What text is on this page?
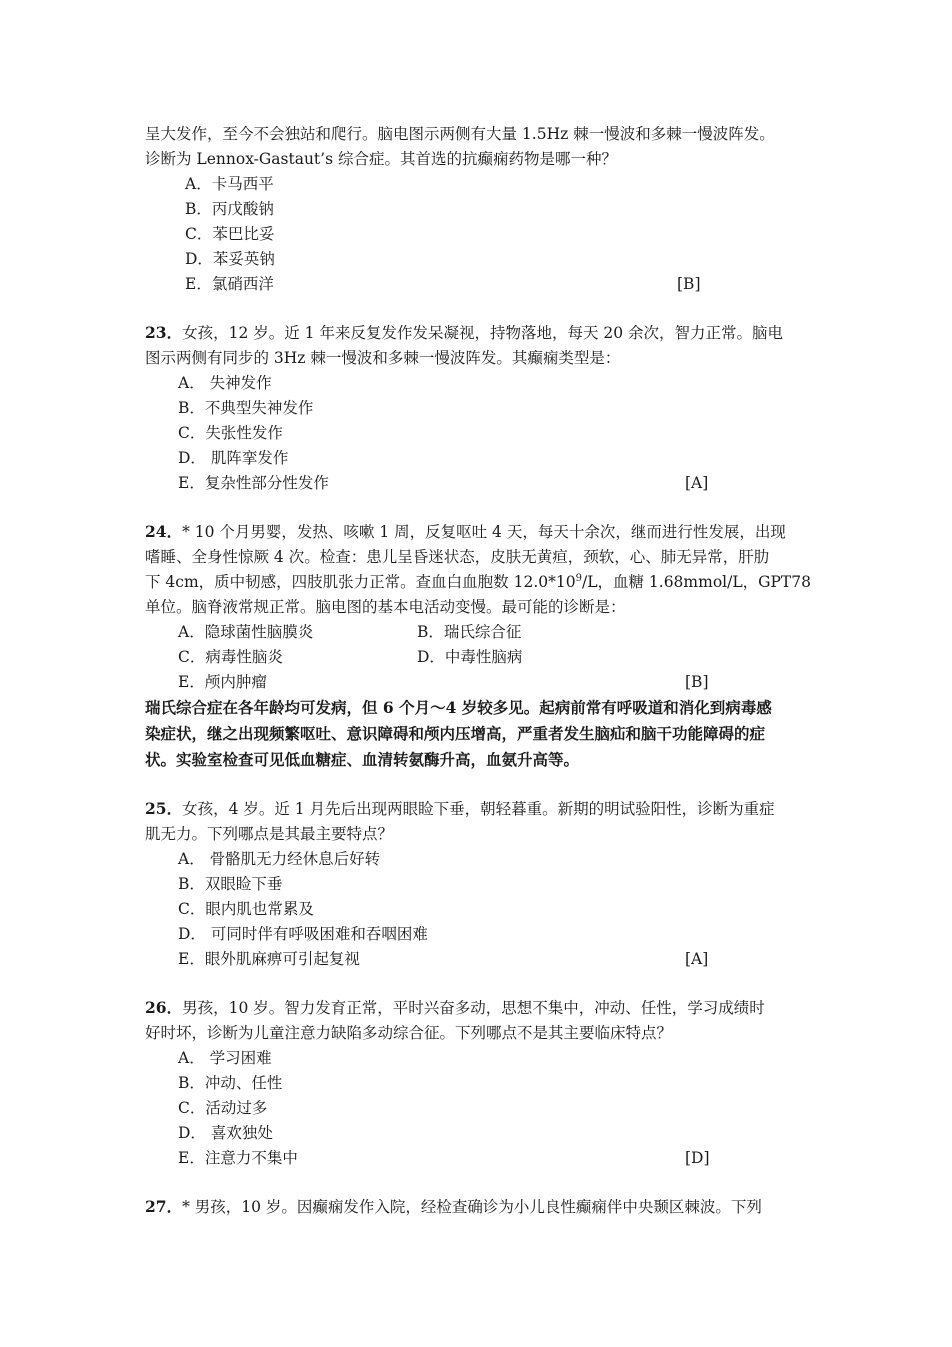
呈大发作，至今不会独站和爬行。脑电图示两侧有大量 1.5Hz 棘一慢波和多棘一慢波阵发。

诊断为 Lennox-Gastaut’s 综合症。其首选的抗癫痫药物是哪一种？

A．卡马西平
B．丙戊酸钠
C．苯巴比妥
D．苯妥英钠
E．氯硝西洋	[B]

23．女孩，12 岁。近 1 年来反复发作发呆凝视，持物落地，每天 20 余次，智力正常。脑电

图示两侧有同步的 3Hz 棘一慢波和多棘一慢波阵发。其癫痫类型是：

A． 失神发作
B．不典型失神发作
C．失张性发作
D． 肌阵挛发作
E．复杂性部分性发作	[A]

24．* 10 个月男婴，发热、咳嗽 1 周，反复呕吐 4 天，每天十余次，继而进行性发展，出现

嗜睡、全身性惊厥 4 次。检查：患儿呈昏迷状态，皮肤无黄疸，颈软，心、肺无异常，肝肋

下 4cm，质中韧感，四肢肌张力正常。查血白血胞数 $12.0*10^9/L$，血糖 1.68mmol/L，GPT78

单位。脑脊液常规正常。脑电图的基本电活动变慢。最可能的诊断是：

A．隐球菌性脑膜炎	B．瑞氏综合征
C．病毒性脑炎	D．中毒性脑病
E．颅内肿瘤	[B]

瑞氏综合症在各年龄均可发病，但 6 个月～4 岁较多见。起病前常有呼吸道和消化到病毒感

染症状，继之出现频繁呕吐、意识障碍和颅内压增高，严重者发生脑疝和脑干功能障碍的症

状。实验室检查可见低血糖症、血清转氨酶升高，血氨升高等。

25．女孩，4 岁。近 1 月先后出现两眼睑下垂，朝轻暮重。新期的明试验阳性，诊断为重症

肌无力。下列哪点是其最主要特点？

A． 骨骼肌无力经休息后好转
B．双眼睑下垂
C．眼内肌也常累及
D． 可同时伴有呼吸困难和吞咽困难
E．眼外肌麻痹可引起复视	[A]

26．男孩，10 岁。智力发育正常，平时兴奋多动，思想不集中，冲动、任性，学习成绩时

好时坏，诊断为儿童注意力缺陷多动综合征。下列哪点不是其主要临床特点？

A． 学习困难
B．冲动、任性
C．活动过多
D． 喜欢独处
E．注意力不集中	[D]

27．* 男孩，10 岁。因癫痫发作入院，经检查确诊为小儿良性癫痫伴中央颞区棘波。下列
